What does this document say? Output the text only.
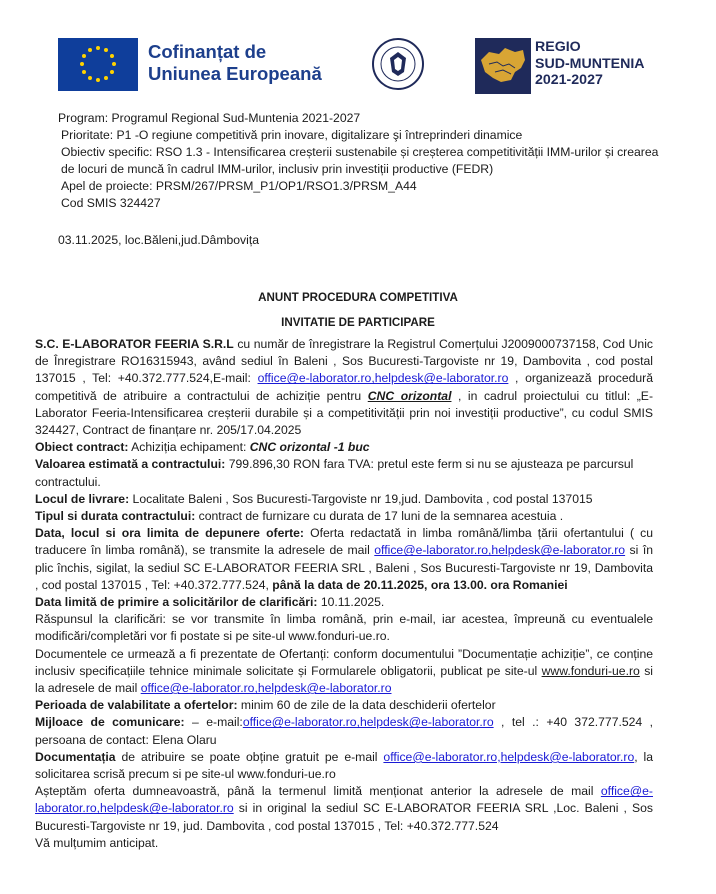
Cofinanțat de
Uniunea Europeană
REGIO
SUD-MUNTENIA
2021-2027
Program: Programul Regional Sud-Muntenia 2021-2027
Prioritate: P1 -O regiune competitivă prin inovare, digitalizare şi întreprinderi dinamice
Obiectiv specific: RSO 1.3 - Intensificarea creșterii sustenabile și creșterea competitivității IMM-urilor și crearea de locuri de muncă în cadrul IMM-urilor, inclusiv prin investiții productive (FEDR)
Apel de proiecte: PRSM/267/PRSM_P1/OP1/RSO1.3/PRSM_A44
Cod SMIS 324427
03.11.2025, loc.Băleni,jud.Dâmbovița
ANUNT PROCEDURA COMPETITIVA
INVITATIE DE PARTICIPARE

S.C. E-LABORATOR FEERIA S.R.L cu număr de înregistrare la Registrul Comerțului J2009000737158, Cod Unic de Înregistrare RO16315943, având sediul în Baleni , Sos Bucuresti-Targoviste nr 19, Dambovita , cod postal 137015 , Tel: +40.372.777.524,E-mail: office@e-laborator.ro,helpdesk@e-laborator.ro , organizează procedură competitivă de atribuire a contractului de achiziție pentru CNC orizontal , in cadrul proiectului cu titlul: „E-Laborator Feeria-Intensificarea creșterii durabile și a competitivității prin noi investiții productive”, cu codul SMIS 324427, Contract de finanțare nr. 205/17.04.2025

Obiect contract: Achiziția echipament: CNC orizontal -1 buc

Valoarea estimată a contractului: 799.896,30 RON fara TVA: pretul este ferm si nu se ajusteaza pe parcursul contractului.

Locul de livrare: Localitate Baleni , Sos Bucuresti-Targoviste nr 19,jud. Dambovita , cod postal 137015

Tipul si durata contractului: contract de furnizare cu durata de 17 luni de la semnarea acestuia .

Data, locul si ora limita de depunere oferte: Oferta redactată in limba română/limba țării ofertantului ( cu traducere în limba română), se transmite la adresele de mail office@e-laborator.ro,helpdesk@e-laborator.ro si în plic închis, sigilat, la sediul SC E-LABORATOR FEERIA SRL , Baleni , Sos Bucuresti-Targoviste nr 19, Dambovita , cod postal 137015 , Tel: +40.372.777.524, până la data de 20.11.2025, ora 13.00. ora Romaniei

Data limită de primire a solicitărilor de clarificări: 10.11.2025.

Răspunsul la clarificări: se vor transmite în limba română, prin e-mail, iar acestea, împreună cu eventualele modificări/completări vor fi postate si pe site-ul www.fonduri-ue.ro.

Documentele ce urmează a fi prezentate de Ofertanți: conform documentului ”Documentație achiziție”, ce conține inclusiv specificațiile tehnice minimale solicitate și Formularele obligatorii, publicat pe site-ul www.fonduri-ue.ro si la adresele de mail office@e-laborator.ro,helpdesk@e-laborator.ro

Perioada de valabilitate a ofertelor: minim 60 de zile de la data deschiderii ofertelor

Mijloace de comunicare: – e-mail:office@e-laborator.ro,helpdesk@e-laborator.ro , tel .: +40 372.777.524 , persoana de contact: Elena Olaru

Documentația de atribuire se poate obține gratuit pe e-mail office@e-laborator.ro,helpdesk@e-laborator.ro, la solicitarea scrisă precum si pe site-ul www.fonduri-ue.ro

Așteptăm oferta dumneavoastră, până la termenul limită menționat anterior la adresele de mail office@e-laborator.ro,helpdesk@e-laborator.ro si in original la sediul SC E-LABORATOR FEERIA SRL ,Loc. Baleni , Sos Bucuresti-Targoviste nr 19, jud. Dambovita , cod postal 137015 , Tel: +40.372.777.524

Vă mulțumim anticipat.
